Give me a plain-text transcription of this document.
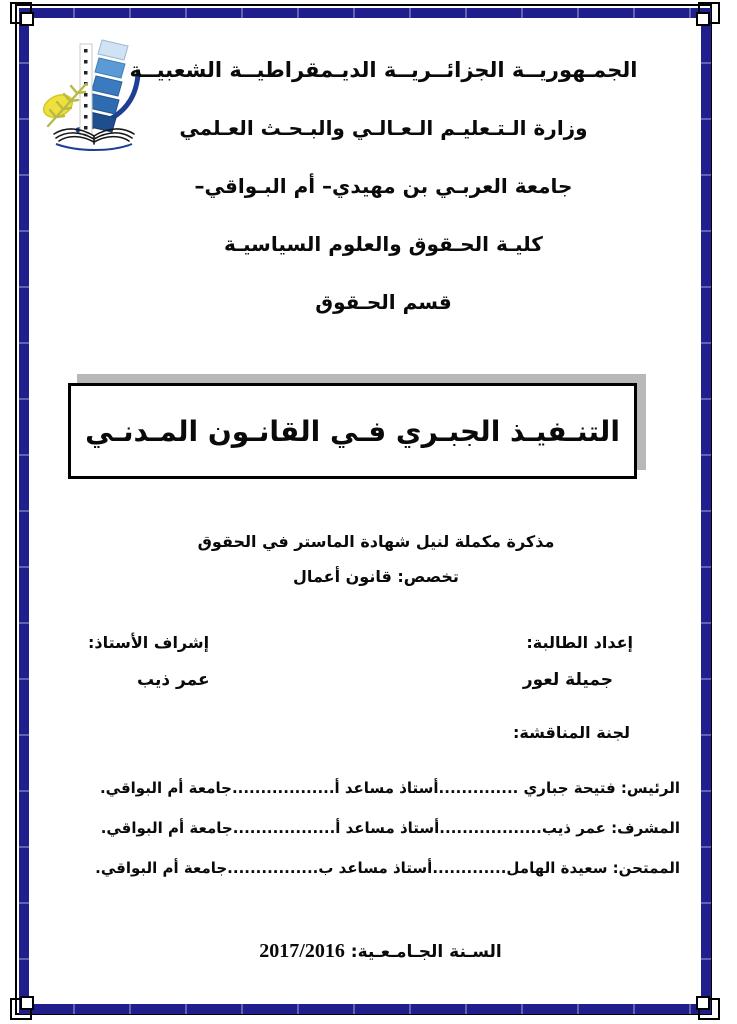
الجمـهوريــة الجزائــريــة الديـمقراطيــة الشعبيــة
وزارة الـتـعليـم الـعـالـي والبـحـث العـلمي
جامعة العربـي بن مهيدي– أم البـواقي–
كليـة الحـقوق والعلوم السياسيـة
قسم الحـقوق
التنـفيـذ الجبـري فـي القانـون المـدنـي
مذكرة مكملة لنيل شهادة الماستر في الحقوق
تخصص: قانون أعمال
إعداد الطالبة:
جميلة لعور
إشراف الأستاذ:
عمر ذيب
لجنة المناقشة:
الرئيس: فتيحة جباري ..............أستاذ مساعد أ..................جامعة أم البواقي.
المشرف: عمر ذيب..................أستاذ مساعد أ..................جامعة أم البواقي.
الممتحن: سعيدة الهامل.............أستاذ مساعد ب................جامعة أم البواقي.
السـنة الجـامـعـية: 2017/2016
